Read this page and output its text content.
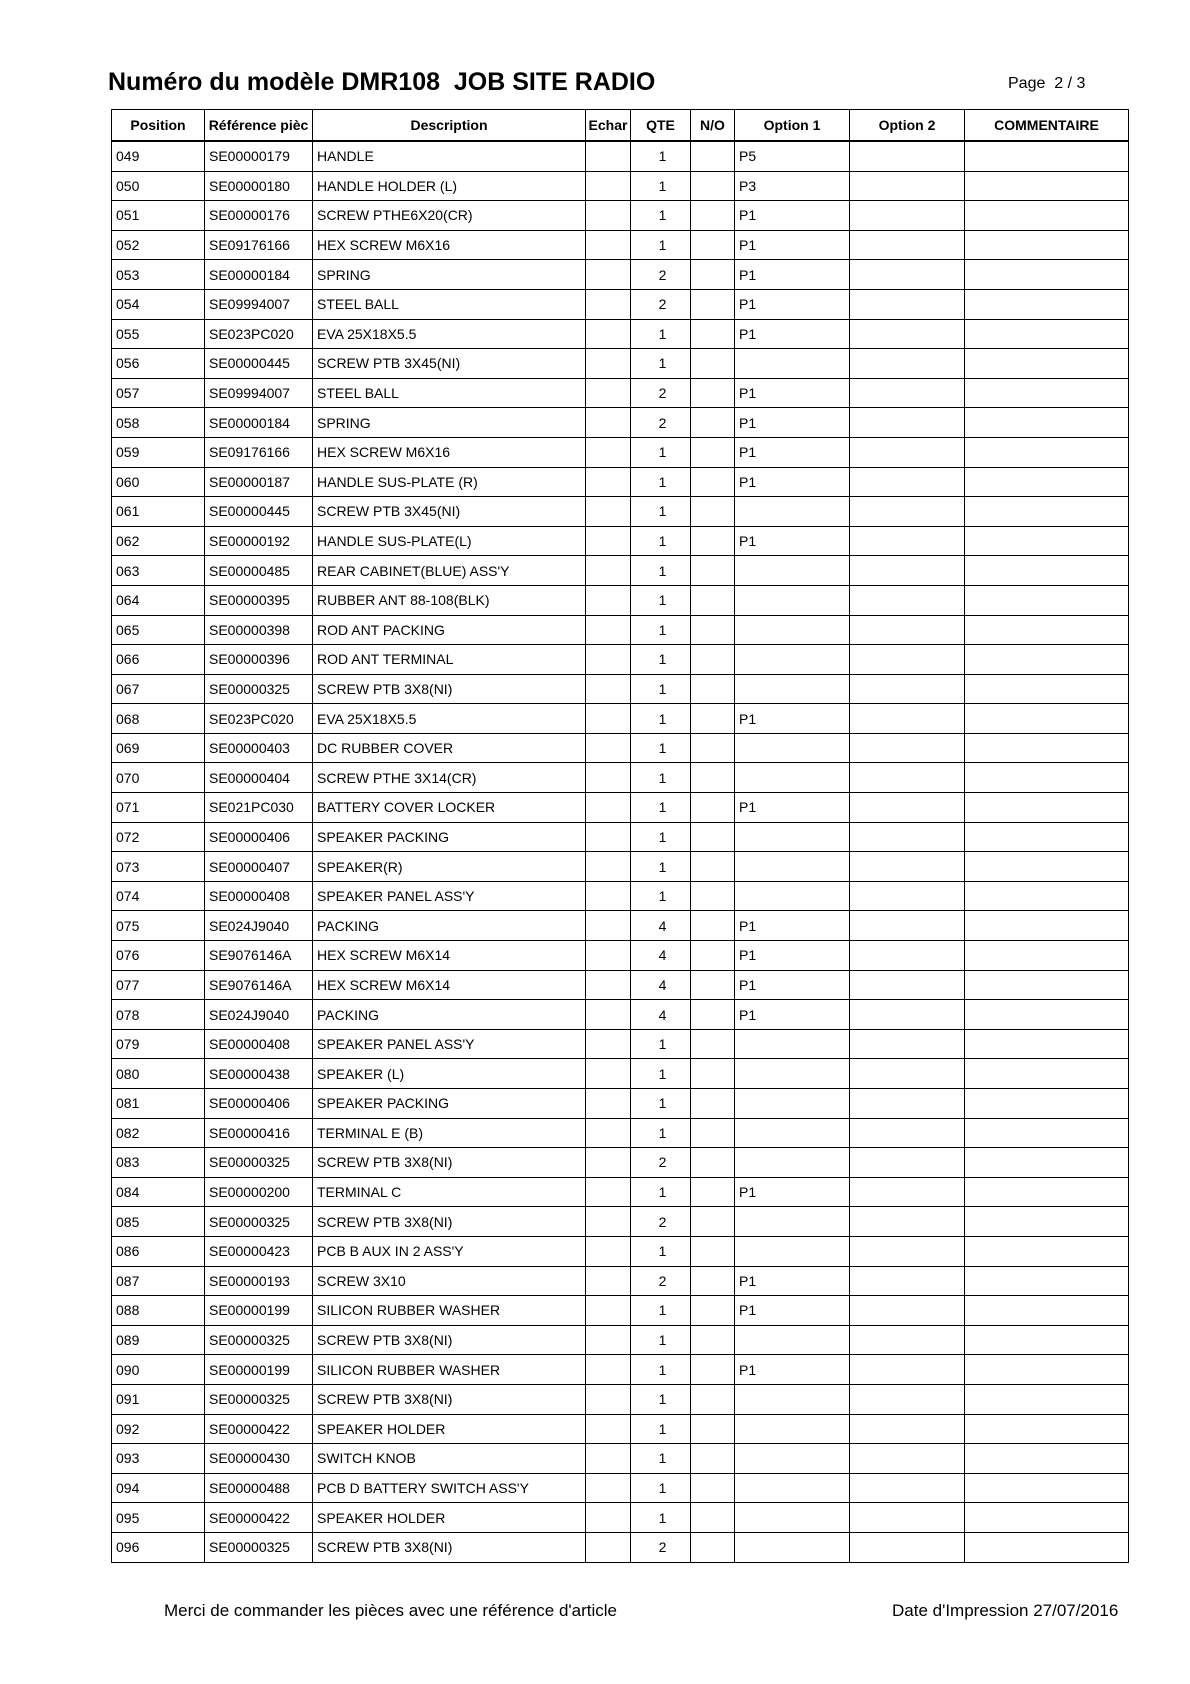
Numéro du modèle DMR108  JOB SITE RADIO	Page  2 / 3
Position	Référence pièc	Description	Echar	QTE	N/O	Option 1	Option 2	COMMENTAIRE
049	SE00000179	HANDLE		1		P5		
050	SE00000180	HANDLE HOLDER (L)		1		P3		
051	SE00000176	SCREW PTHE6X20(CR)		1		P1		
052	SE09176166	HEX SCREW M6X16		1		P1		
053	SE00000184	SPRING		2		P1		
054	SE09994007	STEEL BALL		2		P1		
055	SE023PC020	EVA 25X18X5.5		1		P1		
056	SE00000445	SCREW PTB 3X45(NI)		1				
057	SE09994007	STEEL BALL		2		P1		
058	SE00000184	SPRING		2		P1		
059	SE09176166	HEX SCREW M6X16		1		P1		
060	SE00000187	HANDLE SUS-PLATE (R)		1		P1		
061	SE00000445	SCREW PTB 3X45(NI)		1				
062	SE00000192	HANDLE SUS-PLATE(L)		1		P1		
063	SE00000485	REAR CABINET(BLUE) ASS'Y		1				
064	SE00000395	RUBBER ANT 88-108(BLK)		1				
065	SE00000398	ROD ANT PACKING		1				
066	SE00000396	ROD ANT TERMINAL		1				
067	SE00000325	SCREW PTB 3X8(NI)		1				
068	SE023PC020	EVA 25X18X5.5		1		P1		
069	SE00000403	DC RUBBER COVER		1				
070	SE00000404	SCREW PTHE 3X14(CR)		1				
071	SE021PC030	BATTERY COVER LOCKER		1		P1		
072	SE00000406	SPEAKER PACKING		1				
073	SE00000407	SPEAKER(R)		1				
074	SE00000408	SPEAKER PANEL ASS'Y		1				
075	SE024J9040	PACKING		4		P1		
076	SE9076146A	HEX SCREW M6X14		4		P1		
077	SE9076146A	HEX SCREW M6X14		4		P1		
078	SE024J9040	PACKING		4		P1		
079	SE00000408	SPEAKER PANEL ASS'Y		1				
080	SE00000438	SPEAKER (L)		1				
081	SE00000406	SPEAKER PACKING		1				
082	SE00000416	TERMINAL E (B)		1				
083	SE00000325	SCREW PTB 3X8(NI)		2				
084	SE00000200	TERMINAL C		1		P1		
085	SE00000325	SCREW PTB 3X8(NI)		2				
086	SE00000423	PCB B AUX IN 2 ASS'Y		1				
087	SE00000193	SCREW 3X10		2		P1		
088	SE00000199	SILICON RUBBER WASHER		1		P1		
089	SE00000325	SCREW PTB 3X8(NI)		1				
090	SE00000199	SILICON RUBBER WASHER		1		P1		
091	SE00000325	SCREW PTB 3X8(NI)		1				
092	SE00000422	SPEAKER HOLDER		1				
093	SE00000430	SWITCH KNOB		1				
094	SE00000488	PCB D BATTERY SWITCH ASS'Y		1				
095	SE00000422	SPEAKER HOLDER		1				
096	SE00000325	SCREW PTB 3X8(NI)		2				
Merci de commander les pièces avec une référence d'article	Date d'Impression 27/07/2016
